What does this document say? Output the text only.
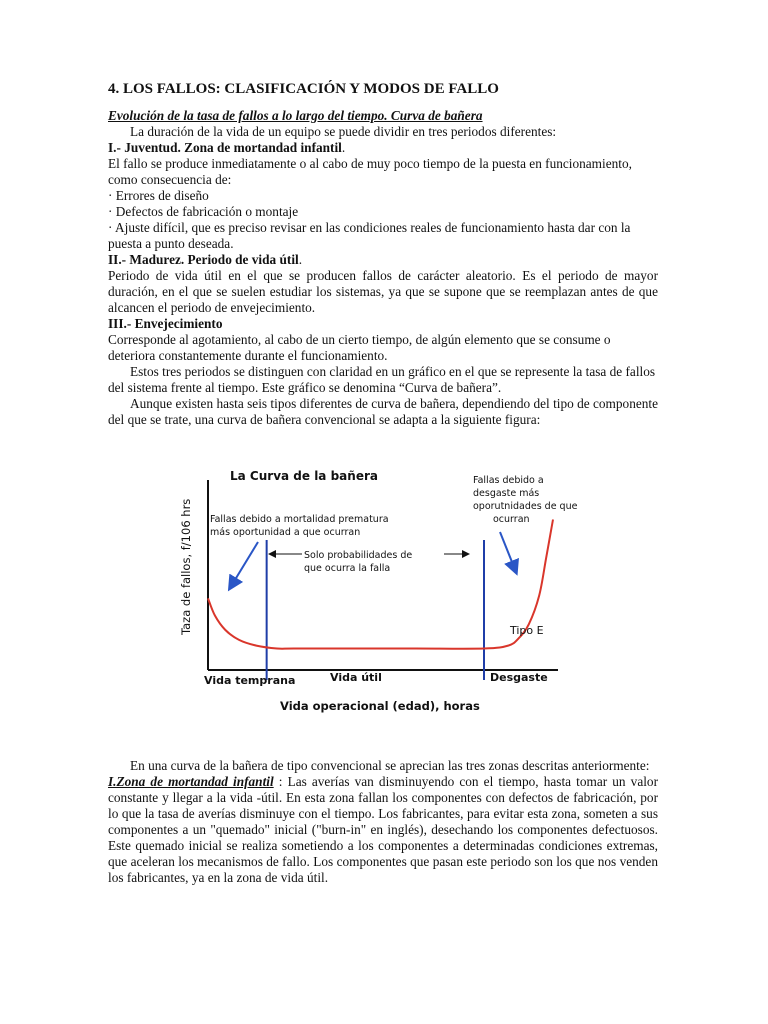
4. LOS FALLOS: CLASIFICACIÓN Y MODOS DE FALLO

Evolución de la tasa de fallos a lo largo del tiempo. Curva de bañera

La duración de la vida de un equipo se puede dividir en tres periodos diferentes:

I.- Juventud. Zona de mortandad infantil.

El fallo se produce inmediatamente o al cabo de muy poco tiempo de la puesta en funcionamiento, como consecuencia de:

· Errores de diseño

· Defectos de fabricación o montaje

· Ajuste difícil, que es preciso revisar en las condiciones reales de funcionamiento hasta dar con la puesta a punto deseada.

II.- Madurez. Periodo de vida útil.

Periodo de vida útil en el que se producen fallos de carácter aleatorio. Es el periodo de mayor duración, en el que se suelen estudiar los sistemas, ya que se supone que se reemplazan antes de que alcancen el periodo de envejecimiento.

III.- Envejecimiento

Corresponde al agotamiento, al cabo de un cierto tiempo, de algún elemento que se consume o deteriora constantemente durante el funcionamiento.

Estos tres periodos se distinguen con claridad en un gráfico en el que se represente la tasa de fallos del sistema frente al tiempo. Este gráfico se denomina “Curva de bañera”.

Aunque existen hasta seis tipos diferentes de curva de bañera, dependiendo del tipo de componente del que se trate, una curva de bañera convencional se adapta a la siguiente figura:

La Curva de la bañera
Taza de fallos, f/106 hrs Fallas debido a mortalidad prematura
más oportunidad a que ocurran
Fallas debido a
desgaste más
oporutnidades de que
ocurran
Solo probabilidades de
que ocurra la falla
Tipo E
Vida temprana	Vida útil	Desgaste
Vida operacional (edad), horas

En una curva de la bañera de tipo convencional se aprecian las tres zonas descritas anteriormente:

I.Zona de mortandad infantil : Las averías van disminuyendo con el tiempo, hasta tomar un valor constante y llegar a la vida -útil. En esta zona fallan los componentes con defectos de fabricación, por lo que la tasa de averías disminuye con el tiempo. Los fabricantes, para evitar esta zona, someten a sus componentes a un "quemado" inicial ("burn-in" en inglés), desechando los componentes defectuosos. Este quemado inicial se realiza sometiendo a los componentes a determinadas condiciones extremas, que aceleran los mecanismos de fallo. Los componentes que pasan este periodo son los que nos venden los fabricantes, ya en la zona de vida útil.
